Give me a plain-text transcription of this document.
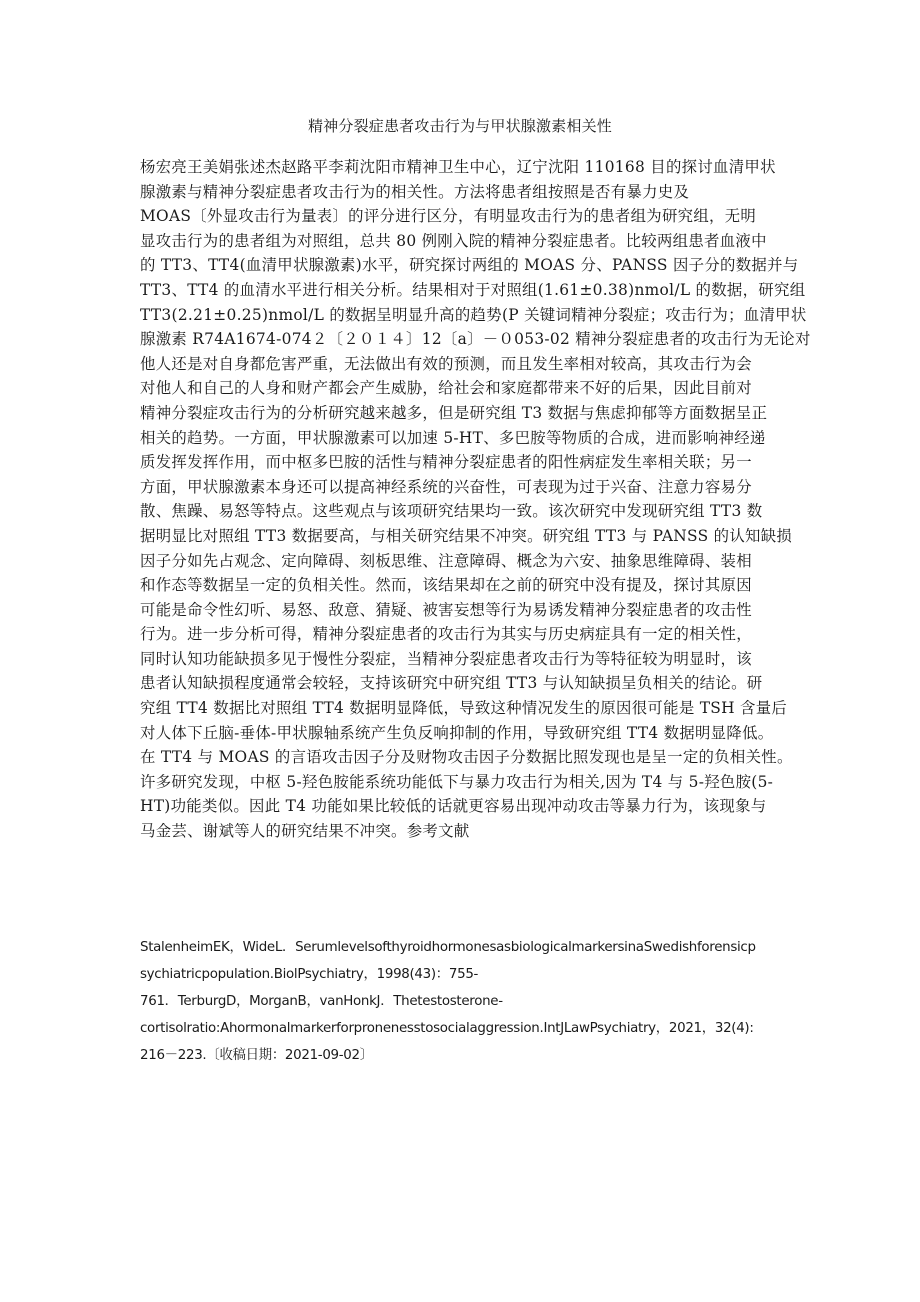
精神分裂症患者攻击行为与甲状腺激素相关性
杨宏亮王美娟张述杰赵路平李莉沈阳市精神卫生中心，辽宁沈阳 110168 目的探讨血清甲状
腺激素与精神分裂症患者攻击行为的相关性。方法将患者组按照是否有暴力史及
MOAS〔外显攻击行为量表〕的评分进行区分，有明显攻击行为的患者组为研究组，无明
显攻击行为的患者组为对照组，总共 80 例刚入院的精神分裂症患者。比较两组患者血液中
的 TT3、TT4(血清甲状腺激素)水平，研究探讨两组的 MOAS 分、PANSS 因子分的数据并与
TT3、TT4 的血清水平进行相关分析。结果相对于对照组(1.61±0.38)nmol/L 的数据，研究组
TT3(2.21±0.25)nmol/L 的数据呈明显升高的趋势(P 关键词精神分裂症；攻击行为；血清甲状
腺激素 R74A1674-074２〔２０１４〕12〔a〕－０053-02 精神分裂症患者的攻击行为无论对
他人还是对自身都危害严重，无法做出有效的预测，而且发生率相对较高，其攻击行为会
对他人和自己的人身和财产都会产生威胁，给社会和家庭都带来不好的后果，因此目前对
精神分裂症攻击行为的分析研究越来越多，但是研究组 T3 数据与焦虑抑郁等方面数据呈正
相关的趋势。一方面，甲状腺激素可以加速 5-HT、多巴胺等物质的合成，进而影响神经递
质发挥发挥作用，而中枢多巴胺的活性与精神分裂症患者的阳性病症发生率相关联；另一
方面，甲状腺激素本身还可以提高神经系统的兴奋性，可表现为过于兴奋、注意力容易分
散、焦躁、易怒等特点。这些观点与该项研究结果均一致。该次研究中发现研究组 TT3 数
据明显比对照组 TT3 数据要高，与相关研究结果不冲突。研究组 TT3 与 PANSS 的认知缺损
因子分如先占观念、定向障碍、刻板思维、注意障碍、概念为六安、抽象思维障碍、装相
和作态等数据呈一定的负相关性。然而，该结果却在之前的研究中没有提及，探讨其原因
可能是命令性幻听、易怒、敌意、猜疑、被害妄想等行为易诱发精神分裂症患者的攻击性
行为。进一步分析可得，精神分裂症患者的攻击行为其实与历史病症具有一定的相关性，
同时认知功能缺损多见于慢性分裂症，当精神分裂症患者攻击行为等特征较为明显时，该
患者认知缺损程度通常会较轻，支持该研究中研究组 TT3 与认知缺损呈负相关的结论。研
究组 TT4 数据比对照组 TT4 数据明显降低，导致这种情况发生的原因很可能是 TSH 含量后
对人体下丘脑-垂体-甲状腺轴系统产生负反响抑制的作用，导致研究组 TT4 数据明显降低。
在 TT4 与 MOAS 的言语攻击因子分及财物攻击因子分数据比照发现也是呈一定的负相关性。
许多研究发现，中枢 5-羟色胺能系统功能低下与暴力攻击行为相关,因为 T4 与 5-羟色胺(5-
HT)功能类似。因此 T4 功能如果比较低的话就更容易出现冲动攻击等暴力行为，该现象与
马金芸、谢斌等人的研究结果不冲突。参考文献
StalenheimEK，WideL．SerumlevelsofthyroidhormonesasbiologicalmarkersinaSwedishforensicp
sychiatricpopulation.BiolPsychiatry，1998(43)：755-
761．TerburgD，MorganB，vanHonkJ．Thetestosterone-
cortisolratio:Ahormonalmarkerforpronenesstosocialaggression.IntJLawPsychiatry，2021，32(4):
216－223.〔收稿日期：2021-09-02〕
